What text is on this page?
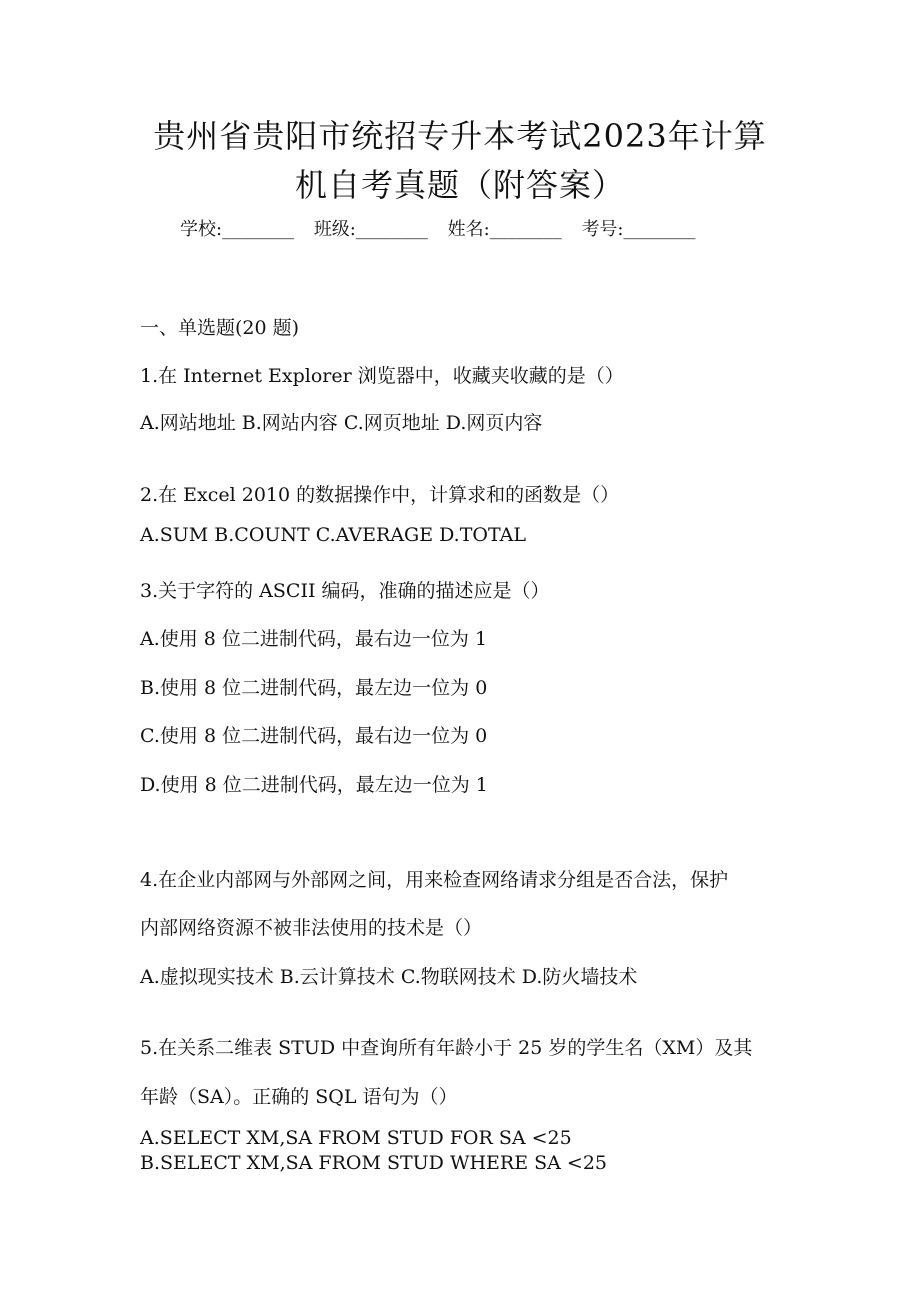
贵州省贵阳市统招专升本考试2023年计算
机自考真题（附答案）
学校:________ 班级:________ 姓名:________ 考号:________
一、单选题(20 题)
1.在 Internet Explorer 浏览器中，收藏夹收藏的是（）
A.网站地址 B.网站内容 C.网页地址 D.网页内容
2.在 Excel 2010 的数据操作中，计算求和的函数是（）
A.SUM B.COUNT C.AVERAGE D.TOTAL
3.关于字符的 ASCII 编码，准确的描述应是（）
A.使用 8 位二进制代码，最右边一位为 1
B.使用 8 位二进制代码，最左边一位为 0
C.使用 8 位二进制代码，最右边一位为 0
D.使用 8 位二进制代码，最左边一位为 1
4.在企业内部网与外部网之间，用来检查网络请求分组是否合法，保护
内部网络资源不被非法使用的技术是（）
A.虚拟现实技术 B.云计算技术 C.物联网技术 D.防火墙技术
5.在关系二维表 STUD 中查询所有年龄小于 25 岁的学生名（XM）及其
年龄（SA）。正确的 SQL 语句为（）
A.SELECT XM,SA FROM STUD FOR SA <25
B.SELECT XM,SA FROM STUD WHERE SA <25
